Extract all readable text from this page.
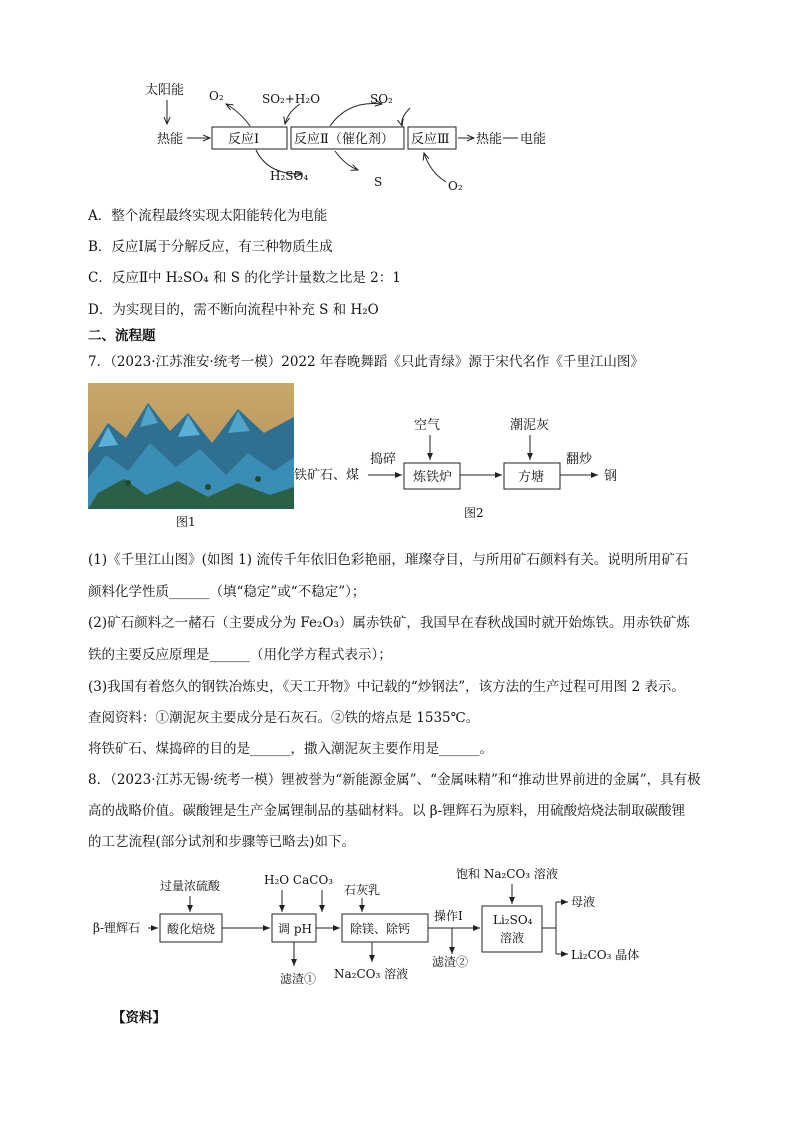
太阳能
热能	反应Ⅰ	反应Ⅱ（催化剂） 反应Ⅲ 热能 电能
O₂	SO₂+H₂O
H₂SO₄
SO₂
S	O₂
A．整个流程最终实现太阳能转化为电能
B．反应Ⅰ属于分解反应，有三种物质生成
C．反应Ⅱ中 H₂SO₄ 和 S 的化学计量数之比是 2：1
D．为实现目的，需不断向流程中补充 S 和 H₂O
二、流程题
7．（2023·江苏淮安·统考一模）2022 年春晚舞蹈《只此青绿》源于宋代名作《千里江山图》
图1
空气	潮泥灰
铁矿石、煤
捣碎
炼铁炉	方塘
翻炒
钢
图2
(1)《千里江山图》(如图 1) 流传千年依旧色彩艳丽，璀璨夺目，与所用矿石颜料有关。说明所用矿石
颜料化学性质______（填“稳定”或“不稳定”）；
(2)矿石颜料之一赭石（主要成分为 Fe₂O₃）属赤铁矿，我国早在春秋战国时就开始炼铁。用赤铁矿炼
铁的主要反应原理是______（用化学方程式表示）；
(3)我国有着悠久的钢铁冶炼史，《天工开物》中记载的“炒钢法”，该方法的生产过程可用图 2 表示。
查阅资料：①潮泥灰主要成分是石灰石。②铁的熔点是 1535℃。
将铁矿石、煤捣碎的目的是______，撒入潮泥灰主要作用是______。
8．（2023·江苏无锡·统考一模）锂被誉为“新能源金属”、“金属味精”和“推动世界前进的金属”，具有极
高的战略价值。碳酸锂是生产金属锂制品的基础材料。以 β-锂辉石为原料，用硫酸焙烧法制取碳酸锂
的工艺流程(部分试剂和步骤等已略去)如下。
饱和 Na₂CO₃ 溶液
过量浓硫酸	H₂O CaCO₃
石灰乳
β-锂辉石 酸化焙烧	调 pH
滤渣①
除镁、除钙
Na₂CO₃ 溶液
操作Ⅰ
滤渣②
Li₂SO₄
溶液
母液
Li₂CO₃ 晶体
【资料】
